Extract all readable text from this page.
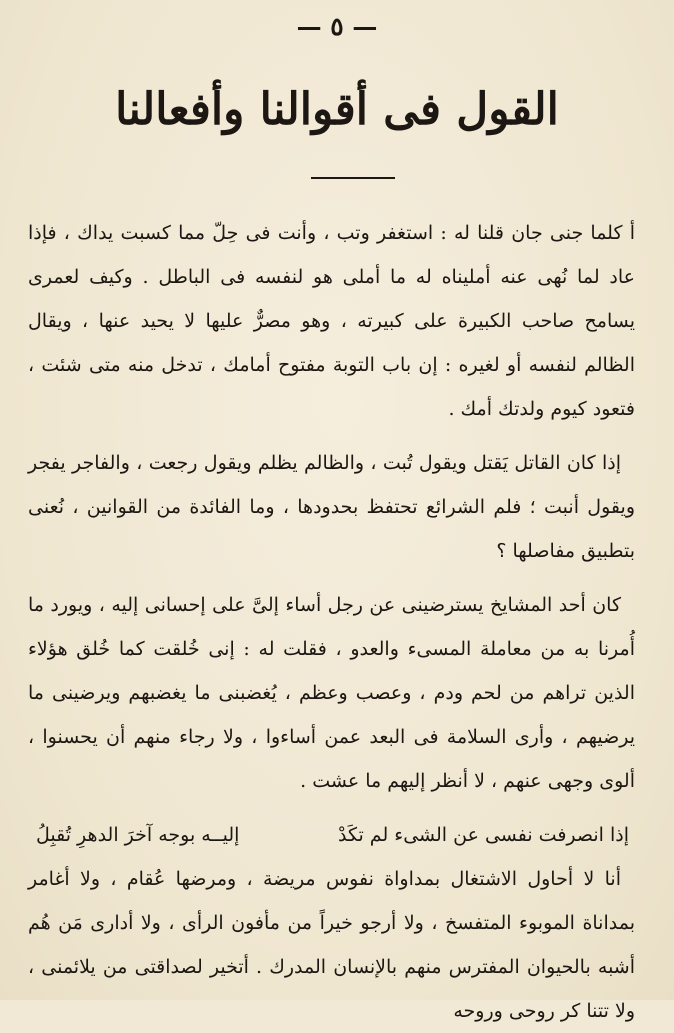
— ٥ —
القول فى أقوالنا وأفعالنا

أ كلما جنى جان قلنا له : استغفر وتب ، وأنت فى حِلّ مما كسبت يداك ، فإذا عاد لما نُهى عنه أمليناه له ما أملى هو لنفسه فى الباطل . وكيف لعمرى يسامح صاحب الكبيرة على كبيرته ، وهو مصرٌّ عليها لا يحيد عنها ، ويقال الظالم لنفسه أو لغيره : إن باب التوبة مفتوح أمامك ، تدخل منه متى شئت ، فتعود كيوم ولدتك أمك .

إذا كان القاتل يَقتل ويقول تُبت ، والظالم يظلم ويقول رجعت ، والفاجر يفجر ويقول أنبت ؛ فلم الشرائع تحتفظ بحدودها ، وما الفائدة من القوانين ، نُعنى بتطبيق مفاصلها ؟

كان أحد المشايخ يسترضينى عن رجل أساء إلىَّ على إحسانى إليه ، ويورد ما أُمرنا به من معاملة المسىء والعدو ، فقلت له : إنى خُلقت كما خُلق هؤلاء الذين تراهم من لحم ودم ، وعصب وعظم ، يُغضبنى ما يغضبهم ويرضينى ما يرضيهم ، وأرى السلامة فى البعد عمن أساءوا ، ولا رجاء منهم أن يحسنوا ، ألوى وجهى عنهم ، لا أنظر إليهم ما عشت .

إذا انصرفت نفسى عن الشىء لم تكَدْ
إليــه بوجه آخرَ الدهرِ تُقبِلُ

أنا لا أحاول الاشتغال بمداواة نفوس مريضة ، ومرضها عُقام ، ولا أغامر بمداناة الموبوء المتفسخ ، ولا أرجو خيراً من مأفون الرأى ، ولا أدارى مَن هُم أشبه بالحيوان المفترس منهم بالإنسان المدرك . أتخير لصداقتى من يلائمنى ، ولا تتنا كر روحى وروحه
